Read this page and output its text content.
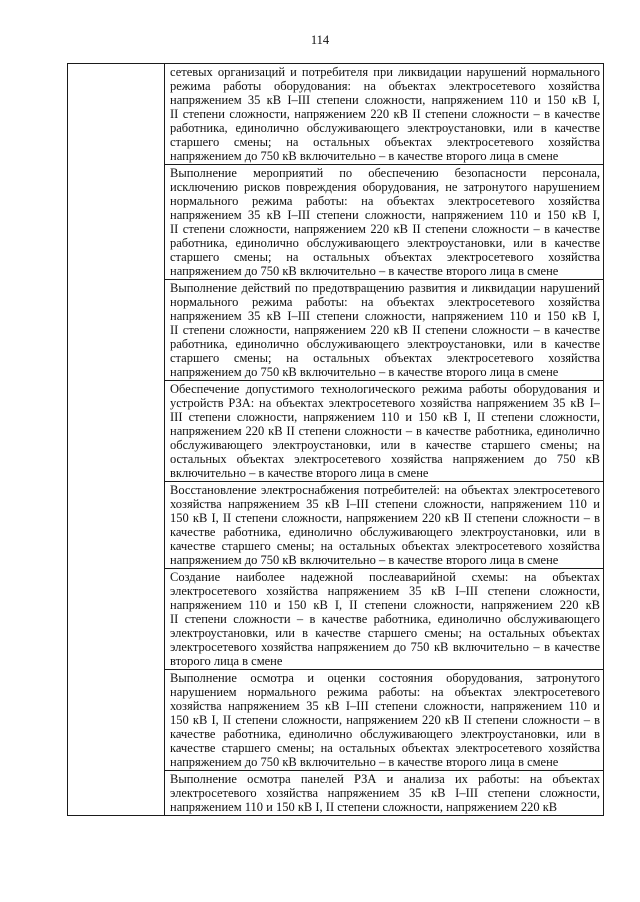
114

сетевых организаций и потребителя при ликвидации нарушений нормального
режима работы оборудования: на объектах электросетевого хозяйства
напряжением 35 кВ I–III степени сложности, напряжением 110 и 150 кВ I,
II степени сложности, напряжением 220 кВ II степени сложности – в качестве
работника, единолично обслуживающего электроустановки, или в качестве
старшего смены; на остальных объектах электросетевого хозяйства
напряжением до 750 кВ включительно – в качестве второго лица в смене

Выполнение мероприятий по обеспечению безопасности персонала,
исключению рисков повреждения оборудования, не затронутого нарушением
нормального режима работы: на объектах электросетевого хозяйства
напряжением 35 кВ I–III степени сложности, напряжением 110 и 150 кВ I,
II степени сложности, напряжением 220 кВ II степени сложности – в качестве
работника, единолично обслуживающего электроустановки, или в качестве
старшего смены; на остальных объектах электросетевого хозяйства
напряжением до 750 кВ включительно – в качестве второго лица в смене

Выполнение действий по предотвращению развития и ликвидации нарушений
нормального режима работы: на объектах электросетевого хозяйства
напряжением 35 кВ I–III степени сложности, напряжением 110 и 150 кВ I,
II степени сложности, напряжением 220 кВ II степени сложности – в качестве
работника, единолично обслуживающего электроустановки, или в качестве
старшего смены; на остальных объектах электросетевого хозяйства
напряжением до 750 кВ включительно – в качестве второго лица в смене

Обеспечение допустимого технологического режима работы оборудования и
устройств РЗА: на объектах электросетевого хозяйства напряжением 35 кВ I–
III степени сложности, напряжением 110 и 150 кВ I, II степени сложности,
напряжением 220 кВ II степени сложности – в качестве работника, единолично
обслуживающего электроустановки, или в качестве старшего смены; на
остальных объектах электросетевого хозяйства напряжением до 750 кВ
включительно – в качестве второго лица в смене

Восстановление электроснабжения потребителей: на объектах электросетевого
хозяйства напряжением 35 кВ I–III степени сложности, напряжением 110 и
150 кВ I, II степени сложности, напряжением 220 кВ II степени сложности – в
качестве работника, единолично обслуживающего электроустановки, или в
качестве старшего смены; на остальных объектах электросетевого хозяйства
напряжением до 750 кВ включительно – в качестве второго лица в смене

Создание наиболее надежной послеаварийной схемы: на объектах
электросетевого хозяйства напряжением 35 кВ I–III степени сложности,
напряжением 110 и 150 кВ I, II степени сложности, напряжением 220 кВ
II степени сложности – в качестве работника, единолично обслуживающего
электроустановки, или в качестве старшего смены; на остальных объектах
электросетевого хозяйства напряжением до 750 кВ включительно – в качестве
второго лица в смене

Выполнение осмотра и оценки состояния оборудования, затронутого
нарушением нормального режима работы: на объектах электросетевого
хозяйства напряжением 35 кВ I–III степени сложности, напряжением 110 и
150 кВ I, II степени сложности, напряжением 220 кВ II степени сложности – в
качестве работника, единолично обслуживающего электроустановки, или в
качестве старшего смены; на остальных объектах электросетевого хозяйства
напряжением до 750 кВ включительно – в качестве второго лица в смене

Выполнение осмотра панелей РЗА и анализа их работы: на объектах
электросетевого хозяйства напряжением 35 кВ I–III степени сложности,
напряжением 110 и 150 кВ I, II степени сложности, напряжением 220 кВ
